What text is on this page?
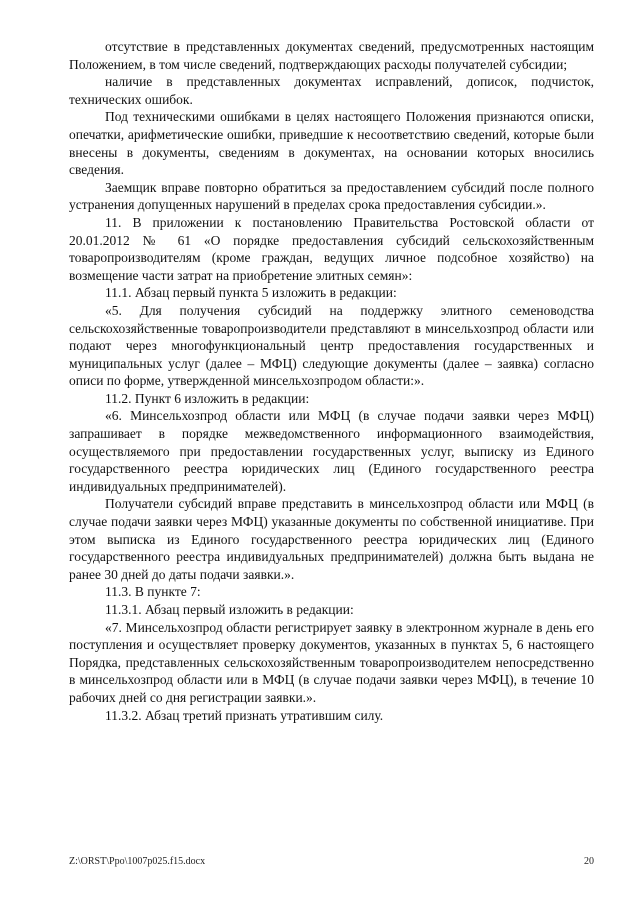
отсутствие в представленных документах сведений, предусмотренных настоящим Положением, в том числе сведений, подтверждающих расходы получателей субсидии;

наличие в представленных документах исправлений, дописок, подчисток, технических ошибок.

Под техническими ошибками в целях настоящего Положения признаются описки, опечатки, арифметические ошибки, приведшие к несоответствию сведений, которые были внесены в документы, сведениям в документах, на основании которых вносились сведения.

Заемщик вправе повторно обратиться за предоставлением субсидий после полного устранения допущенных нарушений в пределах срока предоставления субсидии.».

11. В приложении к постановлению Правительства Ростовской области от 20.01.2012 № 61 «О порядке предоставления субсидий сельскохозяйственным товаропроизводителям (кроме граждан, ведущих личное подсобное хозяйство) на возмещение части затрат на приобретение элитных семян»:

11.1. Абзац первый пункта 5 изложить в редакции:

«5. Для получения субсидий на поддержку элитного семеноводства сельскохозяйственные товаропроизводители представляют в минсельхозпрод области или подают через многофункциональный центр предоставления государственных и муниципальных услуг (далее – МФЦ) следующие документы (далее – заявка) согласно описи по форме, утвержденной минсельхозпродом области:».

11.2. Пункт 6 изложить в редакции:

«6. Минсельхозпрод области или МФЦ (в случае подачи заявки через МФЦ) запрашивает в порядке межведомственного информационного взаимодействия, осуществляемого при предоставлении государственных услуг, выписку из Единого государственного реестра юридических лиц (Единого государственного реестра индивидуальных предпринимателей).

Получатели субсидий вправе представить в минсельхозпрод области или МФЦ (в случае подачи заявки через МФЦ) указанные документы по собственной инициативе. При этом выписка из Единого государственного реестра юридических лиц (Единого государственного реестра индивидуальных предпринимателей) должна быть выдана не ранее 30 дней до даты подачи заявки.».

11.3. В пункте 7:

11.3.1. Абзац первый изложить в редакции:

«7. Минсельхозпрод области регистрирует заявку в электронном журнале в день его поступления и осуществляет проверку документов, указанных в пунктах 5, 6 настоящего Порядка, представленных сельскохозяйственным товаропроизводителем непосредственно в минсельхозпрод области или в МФЦ (в случае подачи заявки через МФЦ), в течение 10 рабочих дней со дня регистрации заявки.».

11.3.2. Абзац третий признать утратившим силу.

Z:\ORST\Ppo\1007p025.f15.docx	20
